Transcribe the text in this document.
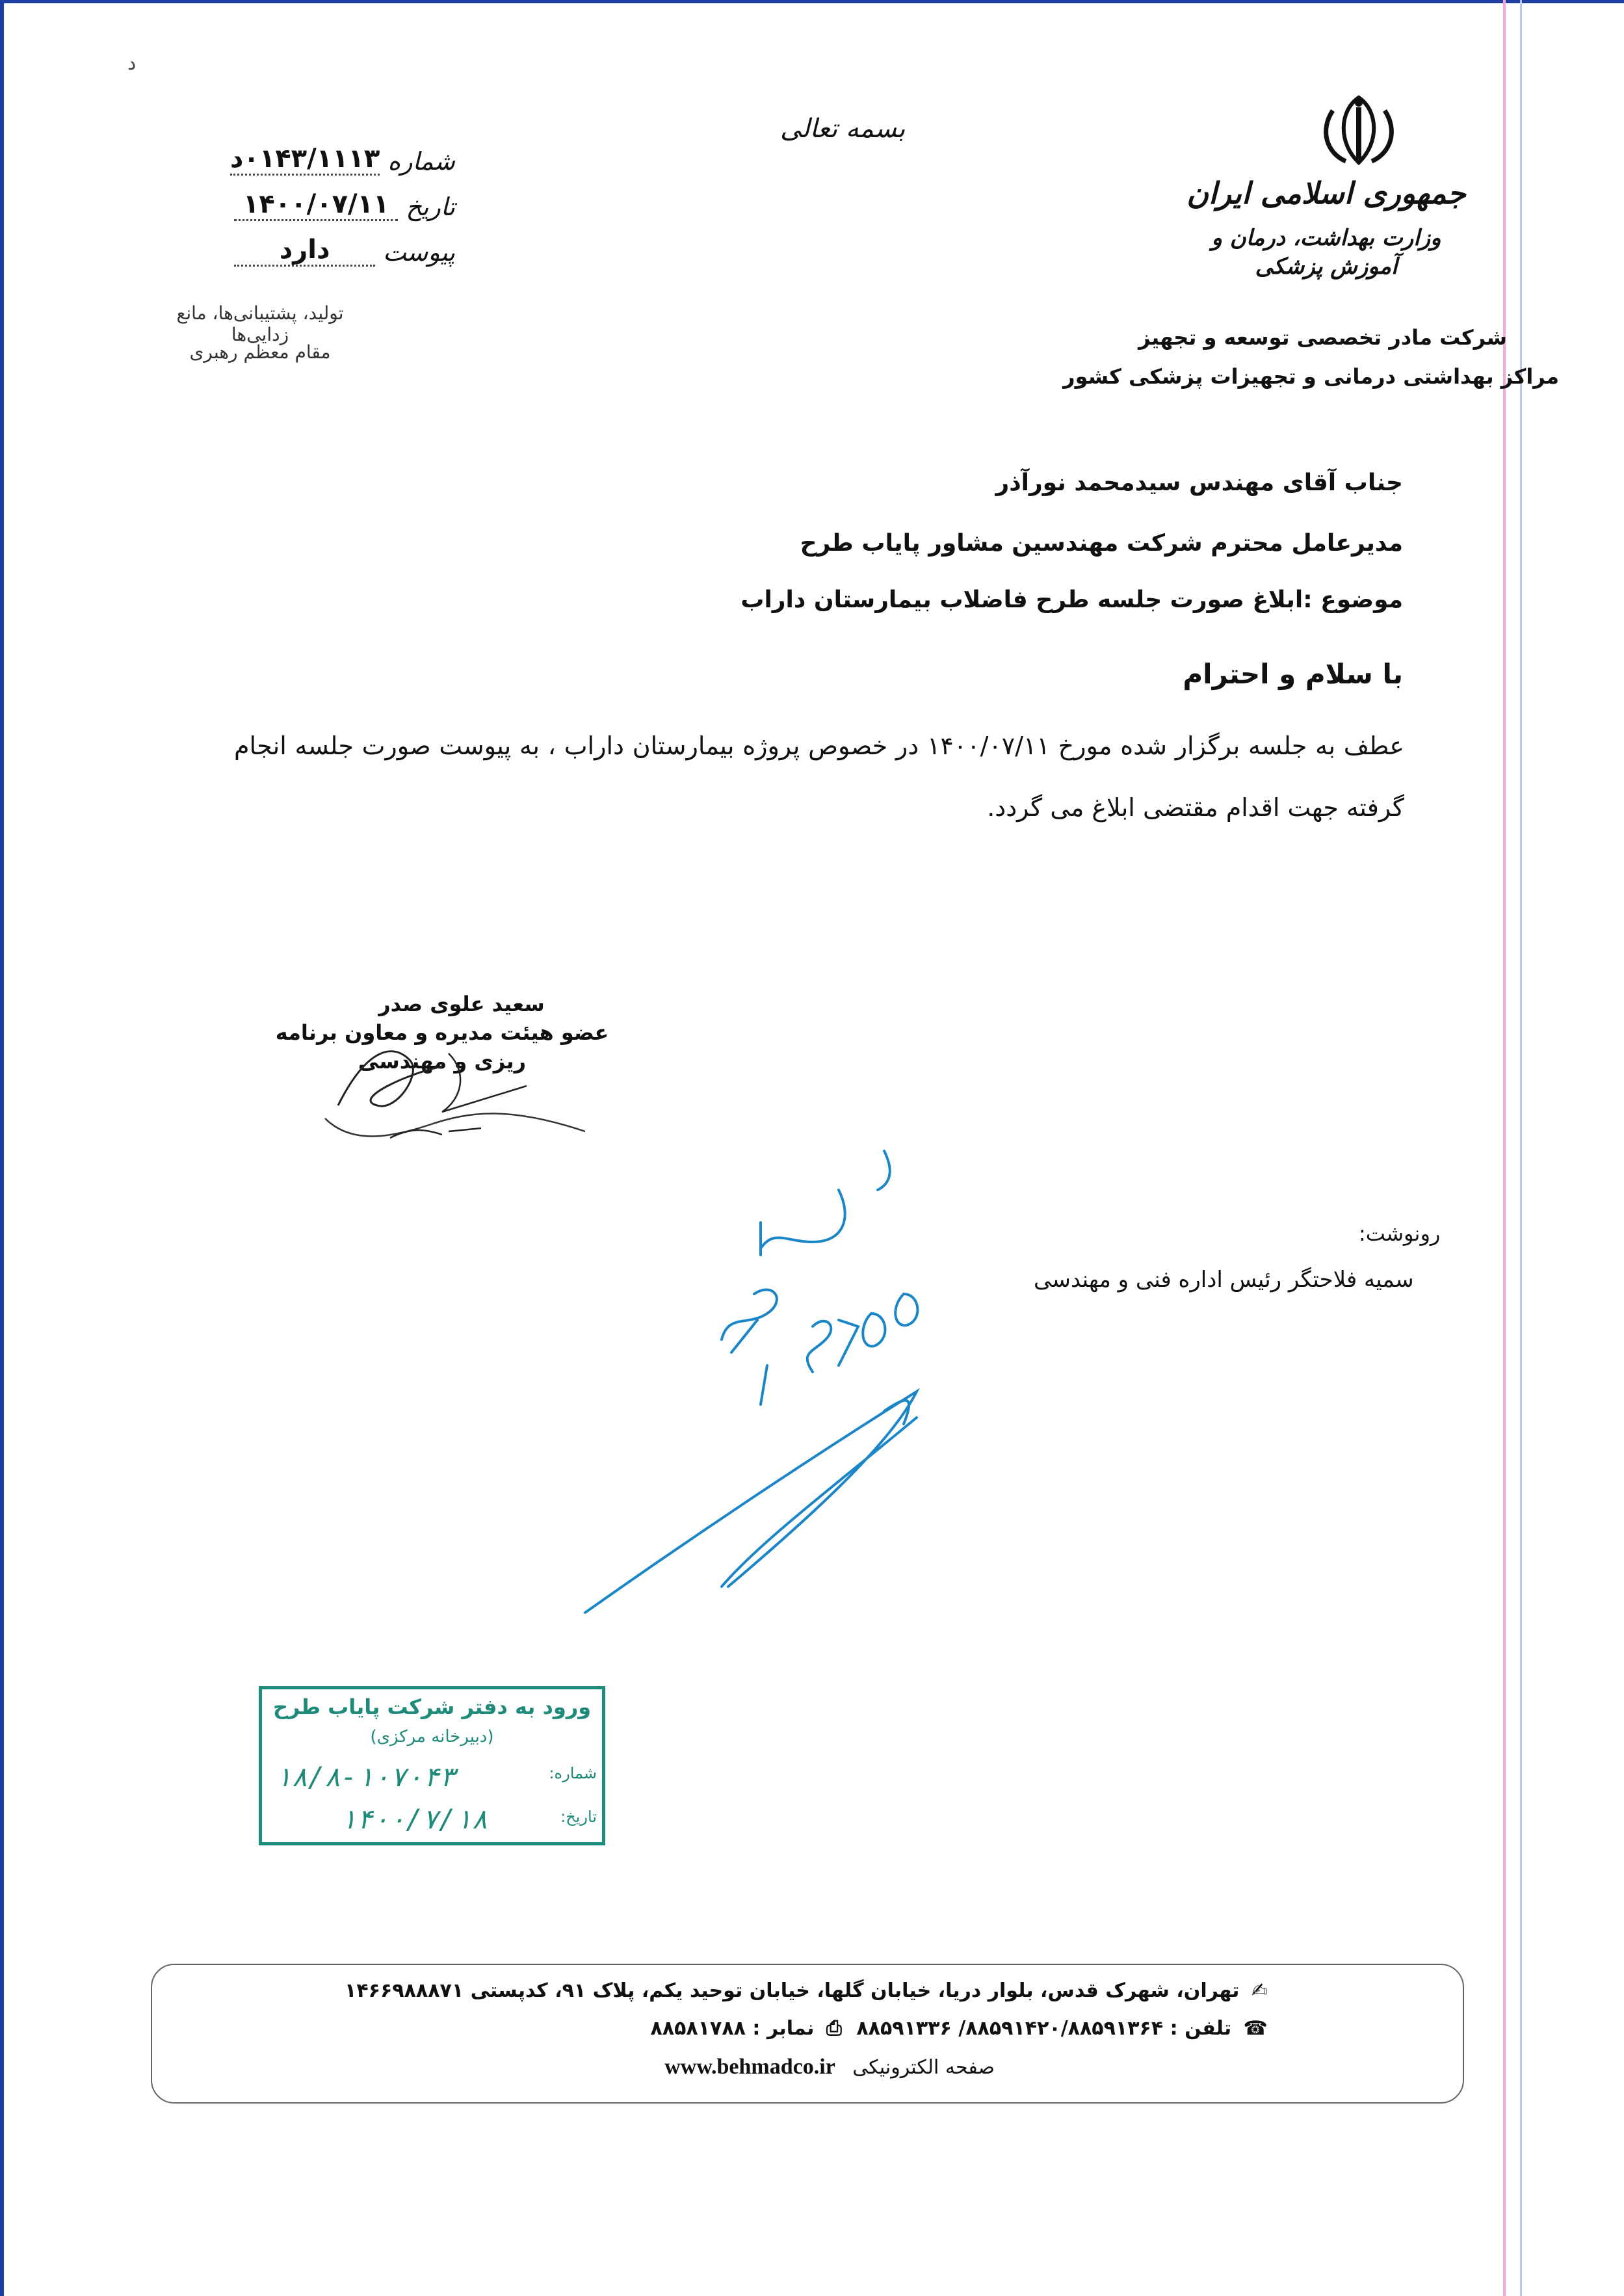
د
جمهوری اسلامی ایران
وزارت بهداشت، درمان و آموزش پزشکی
شرکت مادر تخصصی توسعه و تجهیز
مراکز بهداشتی درمانی و تجهیزات پزشکی کشور
بسمه تعالی
شماره
۰۱۴۳/۱۱۱۳د
تاریخ
۱۴۰۰/۰۷/۱۱
پیوست
دارد
تولید، پشتیبانی‌ها، مانع زدایی‌ها
مقام معظم رهبری
جناب آقای مهندس سیدمحمد نورآذر
مدیرعامل محترم شرکت مهندسین مشاور پایاب طرح
موضوع :ابلاغ صورت جلسه طرح فاضلاب بیمارستان داراب
با سلام و احترام
عطف به جلسه برگزار شده مورخ ۱۴۰۰/۰۷/۱۱ در خصوص پروژه بیمارستان داراب ، به پیوست صورت جلسه انجام گرفته جهت اقدام مقتضی ابلاغ می گردد.
سعید علوی صدر
عضو هیئت مدیره و معاون برنامه ریزی و مهندسی
رونوشت:
سمیه فلاحتگر رئیس اداره فنی و مهندسی
ورود به دفتر شرکت پایاب طرح
(دبیرخانه مرکزی)
شماره:
۱۸/۸-۱۰۷۰۴۳
تاریخ:
۱۴۰۰/۷/۱۸
✍ تهران، شهرک قدس، بلوار دریا، خیابان گلها، خیابان توحید یکم، پلاک ۹۱، کدپستی ۱۴۶۶۹۸۸۸۷۱
☎ تلفن : ۸۸۵۹۱۴۲۰/۸۸۵۹۱۳۶۴/ ۸۸۵۹۱۳۳۶ ⎙ نمابر : ۸۸۵۸۱۷۸۸
صفحه الکترونیکی www.behmadco.ir
